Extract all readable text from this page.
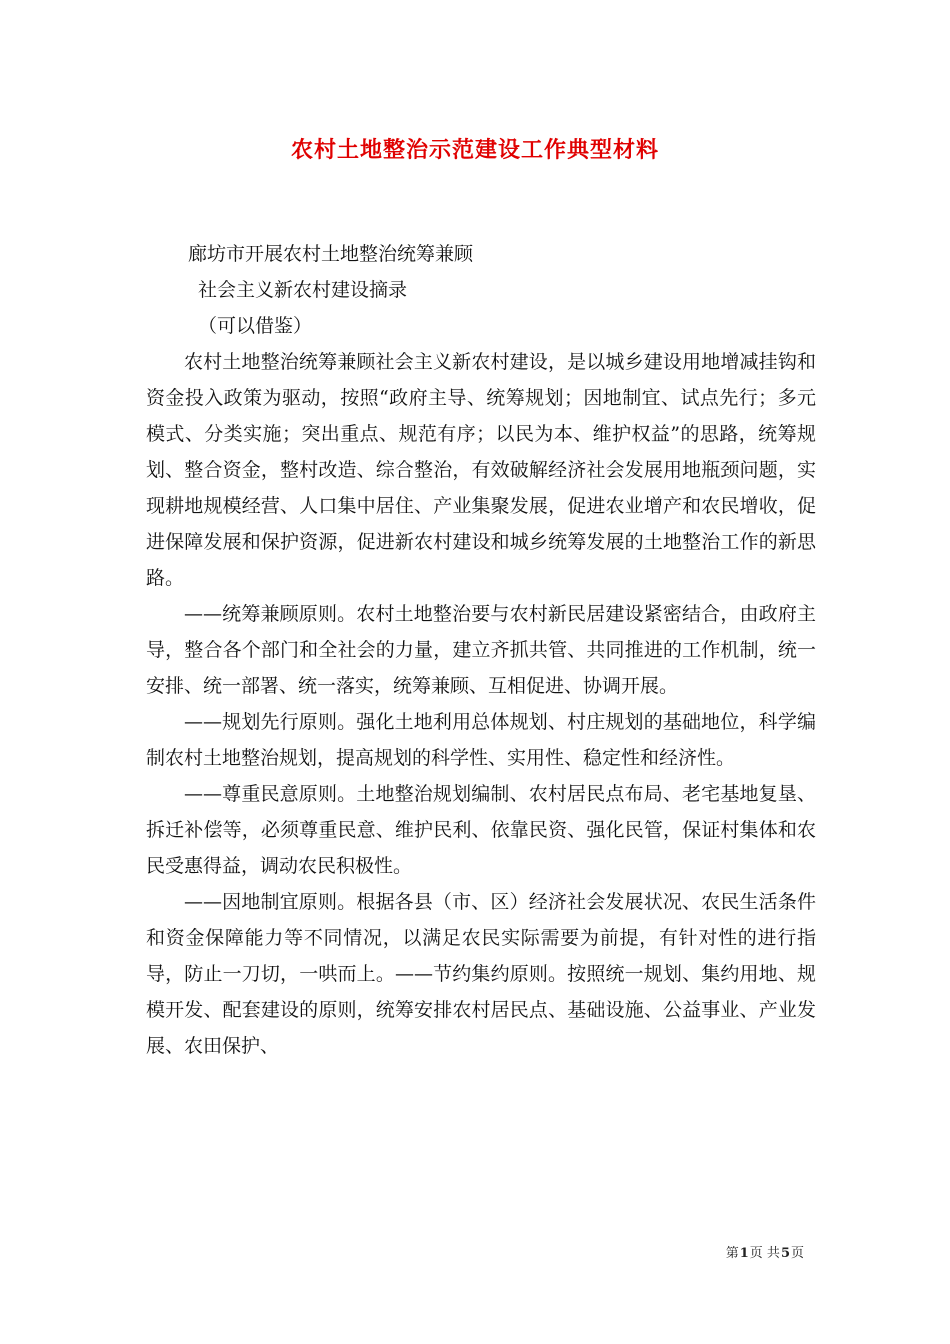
农村土地整治示范建设工作典型材料

廊坊市开展农村土地整治统筹兼顾

社会主义新农村建设摘录

（可以借鉴）

农村土地整治统筹兼顾社会主义新农村建设，是以城乡建设用地增减挂钩和资金投入政策为驱动，按照“政府主导、统筹规划；因地制宜、试点先行；多元模式、分类实施；突出重点、规范有序；以民为本、维护权益”的思路，统筹规划、整合资金，整村改造、综合整治，有效破解经济社会发展用地瓶颈问题，实现耕地规模经营、人口集中居住、产业集聚发展，促进农业增产和农民增收，促进保障发展和保护资源，促进新农村建设和城乡统筹发展的土地整治工作的新思路。

——统筹兼顾原则。农村土地整治要与农村新民居建设紧密结合，由政府主导，整合各个部门和全社会的力量，建立齐抓共管、共同推进的工作机制，统一安排、统一部署、统一落实，统筹兼顾、互相促进、协调开展。

——规划先行原则。强化土地利用总体规划、村庄规划的基础地位，科学编制农村土地整治规划，提高规划的科学性、实用性、稳定性和经济性。

——尊重民意原则。土地整治规划编制、农村居民点布局、老宅基地复垦、拆迁补偿等，必须尊重民意、维护民利、依靠民资、强化民管，保证村集体和农民受惠得益，调动农民积极性。

——因地制宜原则。根据各县（市、区）经济社会发展状况、农民生活条件和资金保障能力等不同情况，以满足农民实际需要为前提，有针对性的进行指导，防止一刀切，一哄而上。——节约集约原则。按照统一规划、集约用地、规模开发、配套建设的原则，统筹安排农村居民点、基础设施、公益事业、产业发展、农田保护、

第1页 共5页
